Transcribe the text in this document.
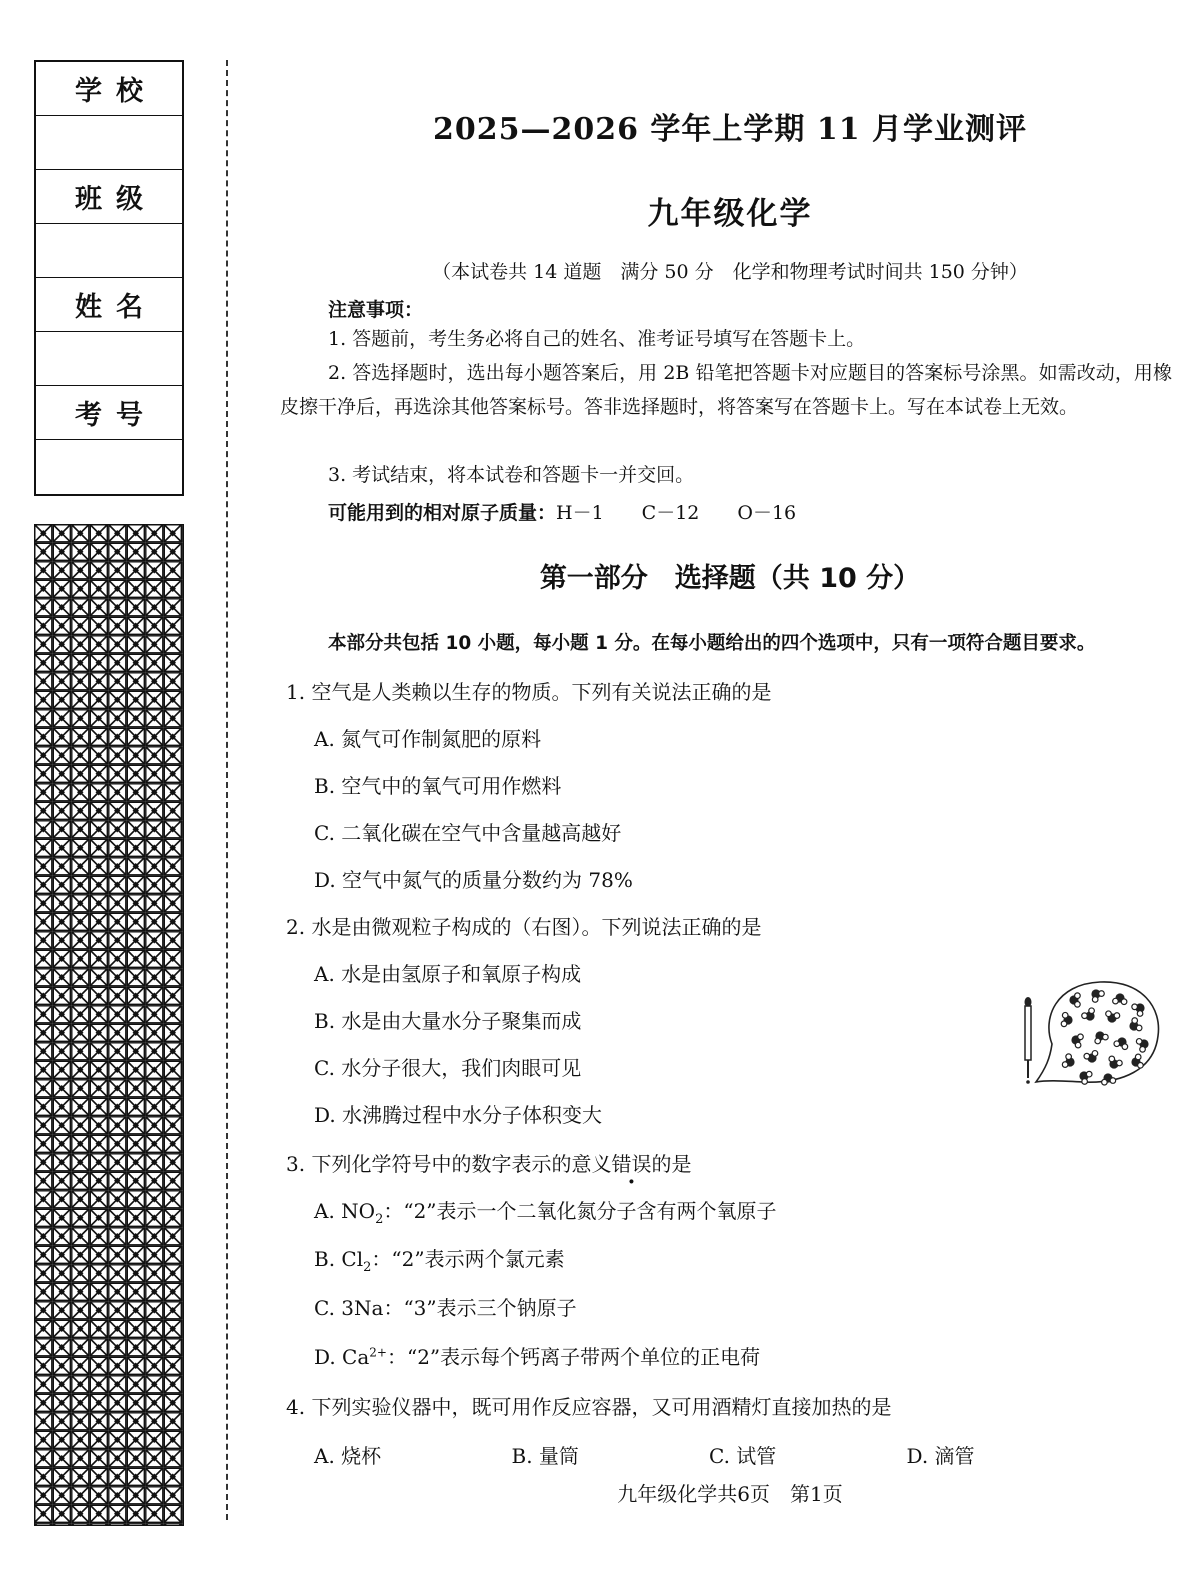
学校
班级
姓名
考号
2025—2026 学年上学期 11 月学业测评
九年级化学
（本试卷共 14 道题　满分 50 分　化学和物理考试时间共 150 分钟）
注意事项：
1. 答题前，考生务必将自己的姓名、准考证号填写在答题卡上。
2. 答选择题时，选出每小题答案后，用 2B 铅笔把答题卡对应题目的答案标号涂黑。如需改动，用橡皮擦干净后，再选涂其他答案标号。答非选择题时，将答案写在答题卡上。写在本试卷上无效。
3. 考试结束，将本试卷和答题卡一并交回。
可能用到的相对原子质量：H－1　　C－12　　O－16
第一部分　选择题（共 10 分）
本部分共包括 10 小题，每小题 1 分。在每小题给出的四个选项中，只有一项符合题目要求。
1. 空气是人类赖以生存的物质。下列有关说法正确的是
A. 氮气可作制氮肥的原料
B. 空气中的氧气可用作燃料
C. 二氧化碳在空气中含量越高越好
D. 空气中氮气的质量分数约为 78%
2. 水是由微观粒子构成的（右图）。下列说法正确的是
A. 水是由氢原子和氧原子构成
B. 水是由大量水分子聚集而成
C. 水分子很大，我们肉眼可见
D. 水沸腾过程中水分子体积变大
3. 下列化学符号中的数字表示的意义错误的是
A. $NO_2$：“2”表示一个二氧化氮分子含有两个氧原子
B. $Cl_2$：“2”表示两个氯元素
C. 3Na：“3”表示三个钠原子
D. $Ca^{2+}$：“2”表示每个钙离子带两个单位的正电荷
4. 下列实验仪器中，既可用作反应容器，又可用酒精灯直接加热的是
A. 烧杯	B. 量筒	C. 试管	D. 滴管
九年级化学共6页　第1页
